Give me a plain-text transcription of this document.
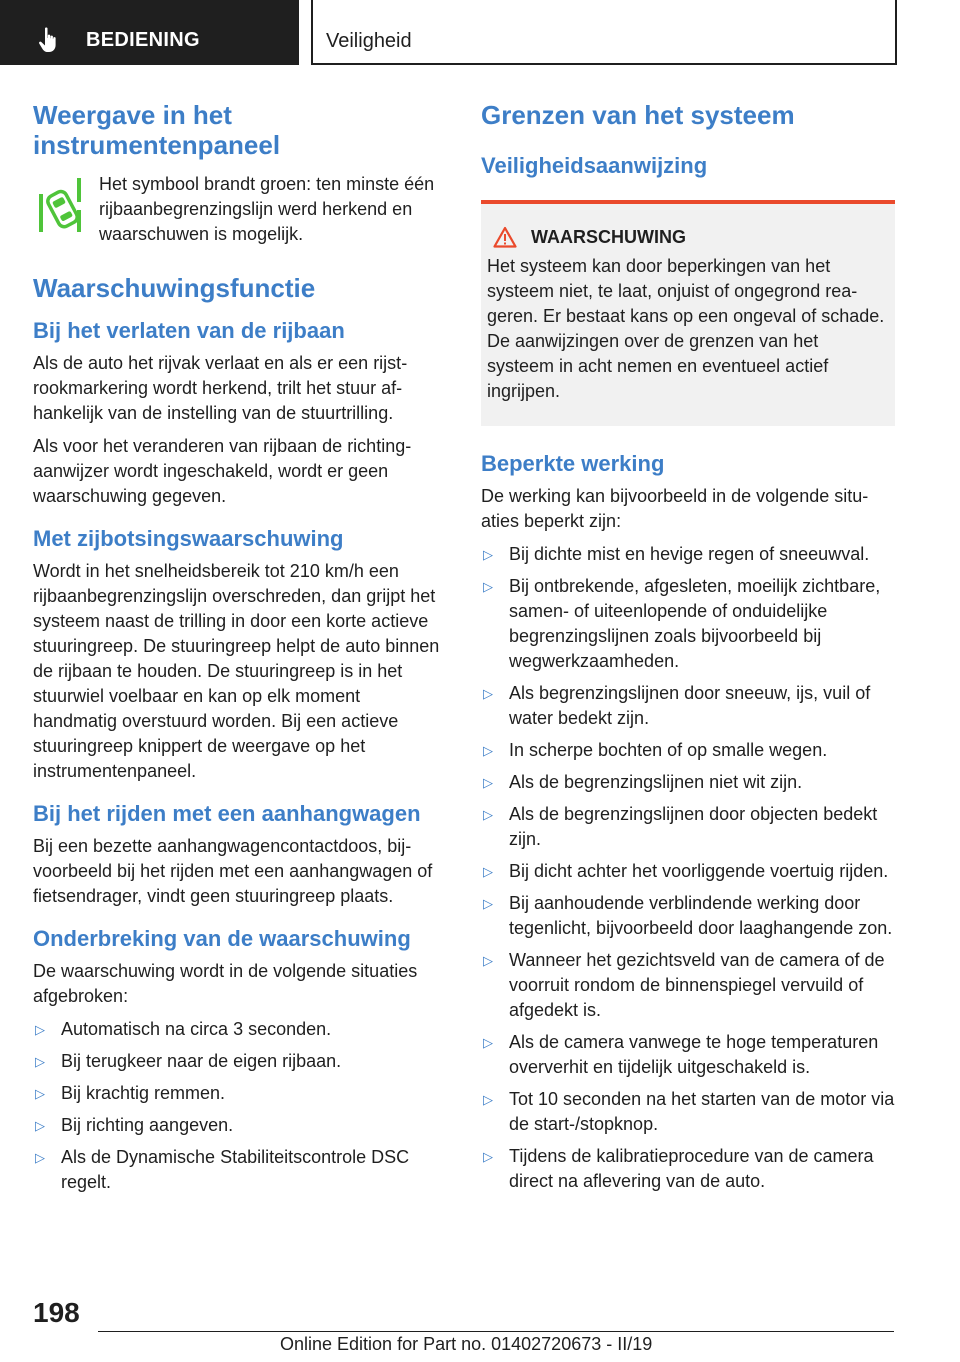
BEDIENING	Veiligheid
Weergave in het instrumentenpaneel

Het symbool brandt groen: ten minste één rijbaanbegrenzingslijn werd herkend en waarschuwen is mogelijk.

Waarschuwingsfunctie
Bij het verlaten van de rijbaan

Als de auto het rijvak verlaat en als er een rijstrookmarkering wordt herkend, trilt het stuur afhankelijk van de instelling van de stuurtrilling.

Als voor het veranderen van rijbaan de richtingaanwijzer wordt ingeschakeld, wordt er geen waarschuwing gegeven.

Met zijbotsingswaarschuwing

Wordt in het snelheidsbereik tot 210 km/h een rijbaanbegrenzingslijn overschreden, dan grijpt het systeem naast de trilling in door een korte actieve stuuringreep. De stuuringreep helpt de auto binnen de rijbaan te houden. De stuuringreep is in het stuurwiel voelbaar en kan op elk moment handmatig overstuurd worden. Bij een actieve stuuringreep knippert de weergave op het instrumentenpaneel.

Bij het rijden met een aanhangwagen

Bij een bezette aanhangwagencontactdoos, bijvoorbeeld bij het rijden met een aanhangwagen of fietsendrager, vindt geen stuuringreep plaats.

Onderbreking van de waarschuwing

De waarschuwing wordt in de volgende situaties afgebroken:

▷ Automatisch na circa 3 seconden.
▷ Bij terugkeer naar de eigen rijbaan.
▷ Bij krachtig remmen.
▷ Bij richting aangeven.
▷ Als de Dynamische Stabiliteitscontrole DSC regelt.
Grenzen van het systeem
Veiligheidsaanwijzing
WAARSCHUWING

Het systeem kan door beperkingen van het systeem niet, te laat, onjuist of ongegrond reageren. Er bestaat kans op een ongeval of schade. De aanwijzingen over de grenzen van het systeem in acht nemen en eventueel actief ingrijpen.

Beperkte werking

De werking kan bijvoorbeeld in de volgende situaties beperkt zijn:

▷ Bij dichte mist en hevige regen of sneeuwval.
▷ Bij ontbrekende, afgesleten, moeilijk zichtbare, samen- of uiteenlopende of onduidelijke begrenzingslijnen zoals bijvoorbeeld bij wegwerkzaamheden.
▷ Als begrenzingslijnen door sneeuw, ijs, vuil of water bedekt zijn.
▷ In scherpe bochten of op smalle wegen.
▷ Als de begrenzingslijnen niet wit zijn.
▷ Als de begrenzingslijnen door objecten bedekt zijn.
▷ Bij dicht achter het voorliggende voertuig rijden.
▷ Bij aanhoudende verblindende werking door tegenlicht, bijvoorbeeld door laaghangende zon.
▷ Wanneer het gezichtsveld van de camera of de voorruit rondom de binnenspiegel vervuild of afgedekt is.
▷ Als de camera vanwege te hoge temperaturen oververhit en tijdelijk uitgeschakeld is.
▷ Tot 10 seconden na het starten van de motor via de start-/stopknop.
▷ Tijdens de kalibratieprocedure van de camera direct na aflevering van de auto.
198
Online Edition for Part no. 01402720673 - II/19
